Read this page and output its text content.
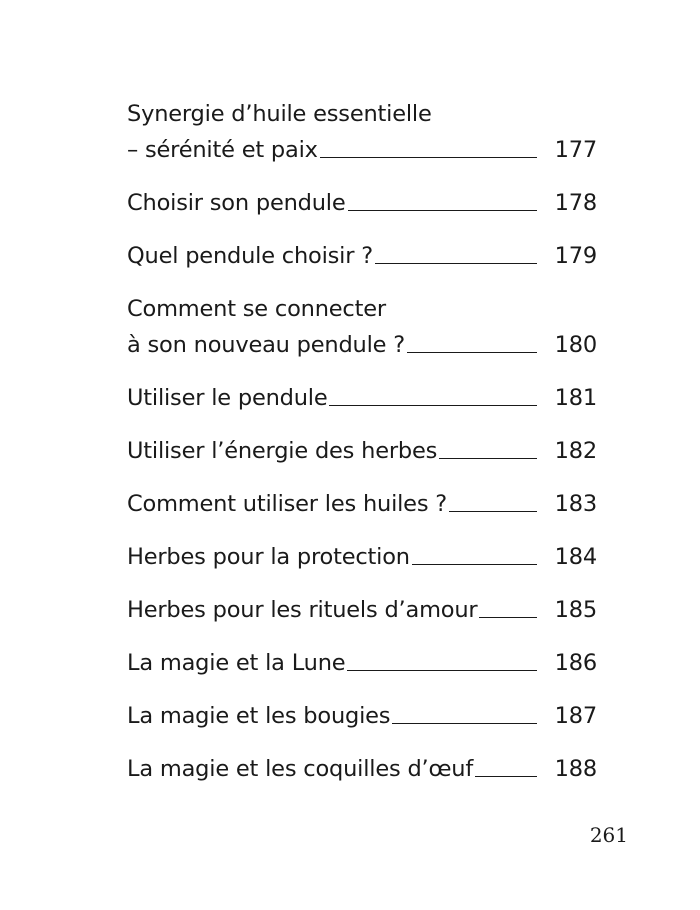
Synergie d’huile essentielle
– sérénité et paix	177
Choisir son pendule	178
Quel pendule choisir ?	179
Comment se connecter
à son nouveau pendule ?	180
Utiliser le pendule	181
Utiliser l’énergie des herbes	182
Comment utiliser les huiles ?	183
Herbes pour la protection	184
Herbes pour les rituels d’amour	185
La magie et la Lune	186
La magie et les bougies	187
La magie et les coquilles d’œuf	188
261
